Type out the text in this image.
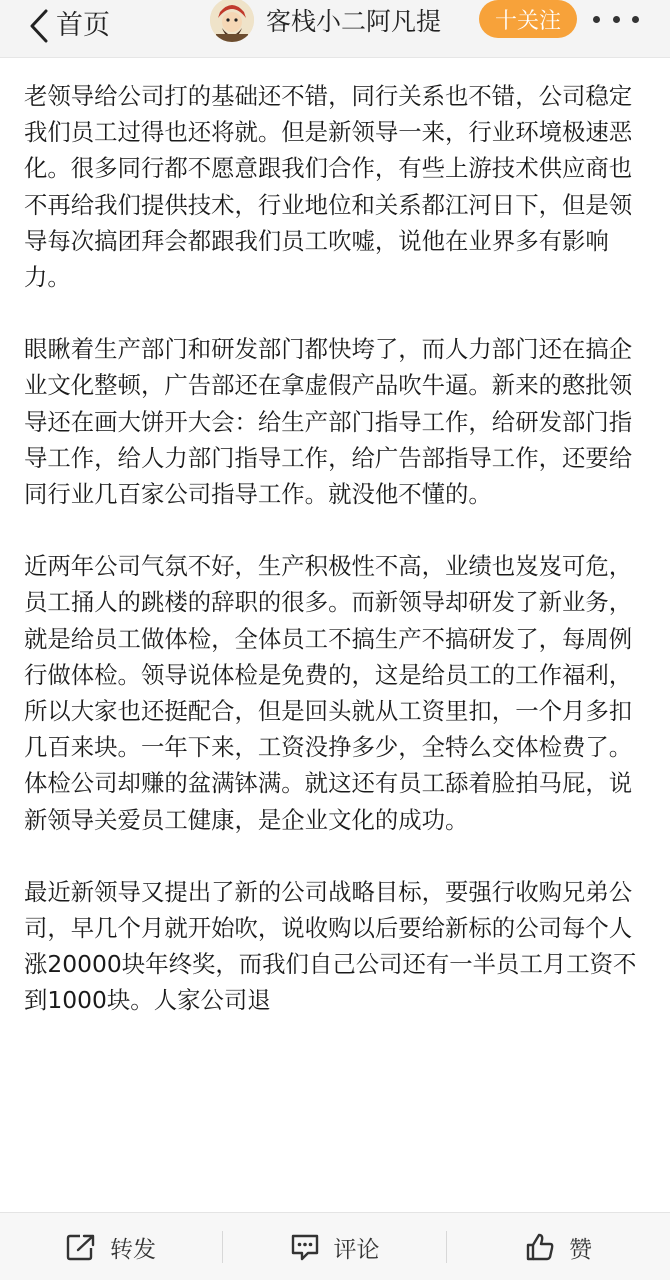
首页	客栈小二阿凡提	十关注

老领导给公司打的基础还不错，同行关系也不错，公司稳定我们员工过得也还将就。但是新领导一来，行业环境极速恶化。很多同行都不愿意跟我们合作，有些上游技术供应商也不再给我们提供技术，行业地位和关系都江河日下，但是领导每次搞团拜会都跟我们员工吹嘘，说他在业界多有影响力。

眼瞅着生产部门和研发部门都快垮了，而人力部门还在搞企业文化整顿，广告部还在拿虚假产品吹牛逼。新来的憨批领导还在画大饼开大会：给生产部门指导工作，给研发部门指导工作，给人力部门指导工作，给广告部指导工作，还要给同行业几百家公司指导工作。就没他不懂的。

近两年公司气氛不好，生产积极性不高，业绩也岌岌可危，员工捅人的跳楼的辞职的很多。而新领导却研发了新业务，就是给员工做体检，全体员工不搞生产不搞研发了，每周例行做体检。领导说体检是免费的，这是给员工的工作福利，所以大家也还挺配合，但是回头就从工资里扣，一个月多扣几百来块。一年下来，工资没挣多少，全特么交体检费了。体检公司却赚的盆满钵满。就这还有员工舔着脸拍马屁，说新领导关爱员工健康，是企业文化的成功。

最近新领导又提出了新的公司战略目标，要强行收购兄弟公司，早几个月就开始吹，说收购以后要给新标的公司每个人涨20000块年终奖，而我们自己公司还有一半员工月工资不到1000块。人家公司退

转发	评论	赞
